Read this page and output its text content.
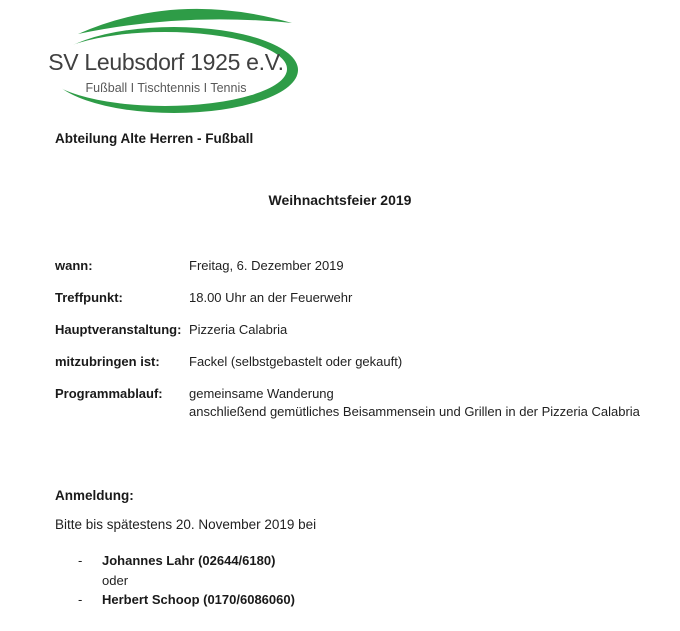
SV Leubsdorf 1925 e.V.
Fußball I Tischtennis I Tennis
Abteilung Alte Herren - Fußball
Weihnachtsfeier 2019
wann:	Freitag, 6. Dezember 2019
Treffpunkt:	18.00 Uhr an der Feuerwehr
Hauptveranstaltung: Pizzeria Calabria
mitzubringen ist:	Fackel (selbstgebastelt oder gekauft)
Programmablauf:	gemeinsame Wanderung
anschließend gemütliches Beisammensein und Grillen in der Pizzeria Calabria
Anmeldung:
Bitte bis spätestens 20. November 2019 bei
-	Johannes Lahr (02644/6180)
oder
-	Herbert Schoop (0170/6086060)
